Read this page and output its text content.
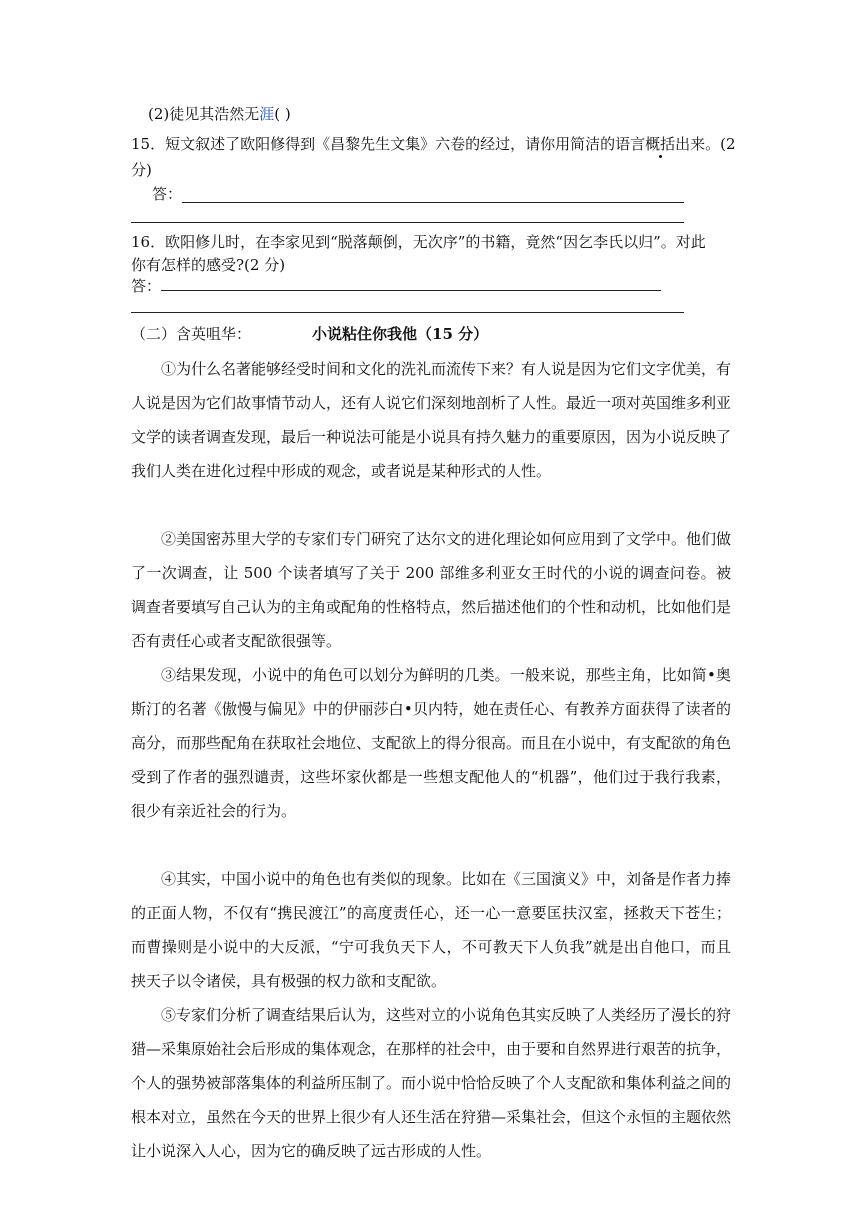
(2)徒见其浩然无涯( )
15．短文叙述了欧阳修得到《昌黎先生文集》六卷的经过，请你用简洁的语言概括出来。(2
分)
答：
16．欧阳修儿时，在李家见到“脱落颠倒，无次序”的书籍，竟然“因乞李氏以归”。对此
你有怎样的感受?(2 分)
答：
（二）含英咀华：	小说粘住你我他（15 分）
①为什么名著能够经受时间和文化的洗礼而流传下来？有人说是因为它们文字优美，有人说是因为它们故事情节动人，还有人说它们深刻地剖析了人性。最近一项对英国维多利亚文学的读者调查发现，最后一种说法可能是小说具有持久魅力的重要原因，因为小说反映了我们人类在进化过程中形成的观念，或者说是某种形式的人性。
②美国密苏里大学的专家们专门研究了达尔文的进化理论如何应用到了文学中。他们做了一次调查，让 500 个读者填写了关于 200 部维多利亚女王时代的小说的调查问卷。被调查者要填写自己认为的主角或配角的性格特点，然后描述他们的个性和动机，比如他们是否有责任心或者支配欲很强等。
③结果发现，小说中的角色可以划分为鲜明的几类。一般来说，那些主角，比如简•奥斯汀的名著《傲慢与偏见》中的伊丽莎白•贝内特，她在责任心、有教养方面获得了读者的高分，而那些配角在获取社会地位、支配欲上的得分很高。而且在小说中，有支配欲的角色受到了作者的强烈谴责，这些坏家伙都是一些想支配他人的“机器”，他们过于我行我素，很少有亲近社会的行为。
④其实，中国小说中的角色也有类似的现象。比如在《三国演义》中，刘备是作者力捧的正面人物，不仅有“携民渡江”的高度责任心，还一心一意要匡扶汉室，拯救天下苍生；而曹操则是小说中的大反派，“宁可我负天下人，不可教天下人负我”就是出自他口，而且挟天子以令诸侯，具有极强的权力欲和支配欲。
⑤专家们分析了调查结果后认为，这些对立的小说角色其实反映了人类经历了漫长的狩猎—采集原始社会后形成的集体观念，在那样的社会中，由于要和自然界进行艰苦的抗争，个人的强势被部落集体的利益所压制了。而小说中恰恰反映了个人支配欲和集体利益之间的根本对立，虽然在今天的世界上很少有人还生活在狩猎—采集社会，但这个永恒的主题依然让小说深入人心，因为它的确反映了远古形成的人性。
